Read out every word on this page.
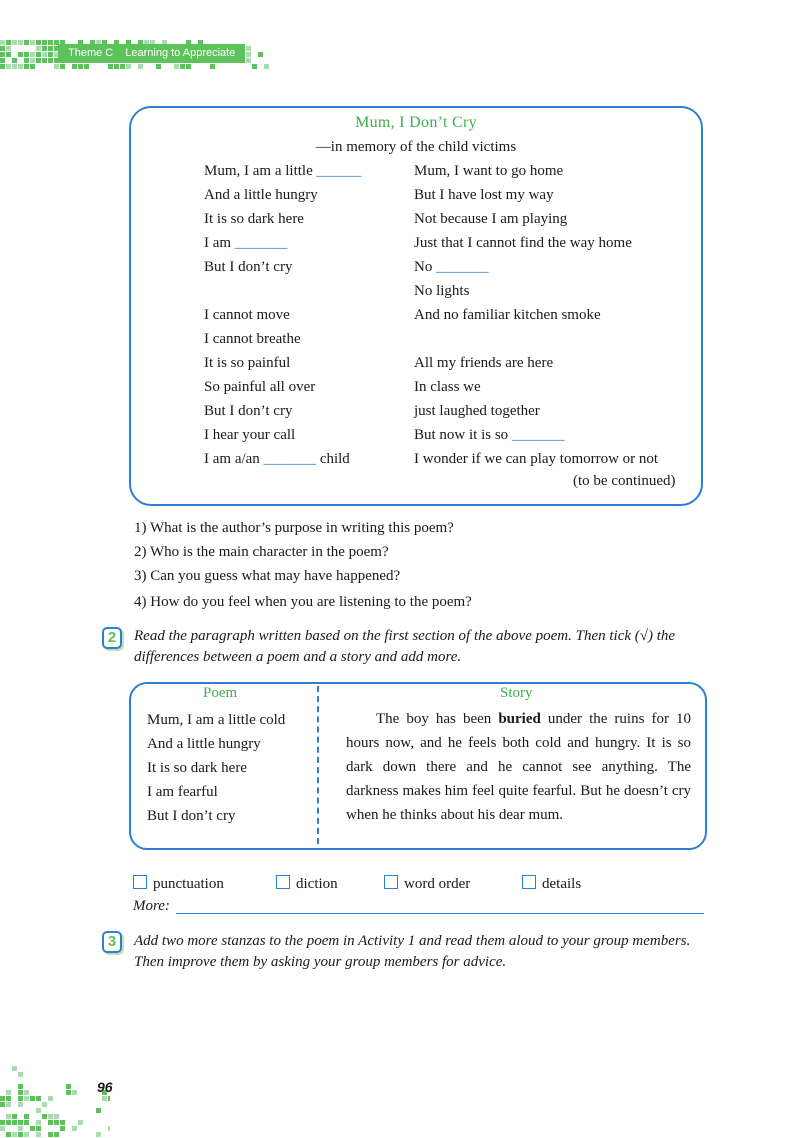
Theme C Learning to Appreciate
Mum, I Don’t Cry
—in memory of the child victims
Mum, I am a little ______
And a little hungry
It is so dark here
I am _______
But I don’t cry
I cannot move
I cannot breathe
It is so painful
So painful all over
But I don’t cry
I hear your call
I am a/an _______ child
Mum, I want to go home
But I have lost my way
Not because I am playing
Just that I cannot find the way home
No _______
No lights
And no familiar kitchen smoke
All my friends are here
In class we
just laughed together
But now it is so _______
I wonder if we can play tomorrow or not
(to be continued)
1) What is the author’s purpose in writing this poem?
2) Who is the main character in the poem?
3) Can you guess what may have happened?
4) How do you feel when you are listening to the poem?
2	Read the paragraph written based on the first section of the above poem. Then tick (√) the differences between a poem and a story and add more.
Poem	Story
Mum, I am a little cold
And a little hungry
It is so dark here
I am fearful
But I don’t cry
The boy has been buried under the ruins for 10 hours now, and he feels both cold and hungry. It is so dark down there and he cannot see anything. The darkness makes him feel quite fearful. But he doesn’t cry when he thinks about his dear mum.
punctuation	diction	word order	details
More:
3	Add two more stanzas to the poem in Activity 1 and read them aloud to your group members. Then improve them by asking your group members for advice.
96
